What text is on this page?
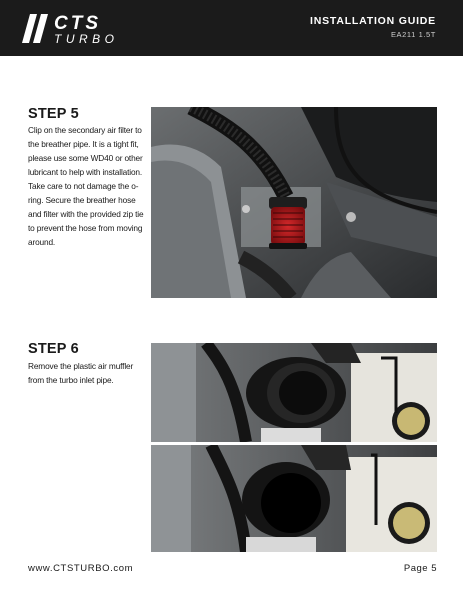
CTS
TURBO
INSTALLATION GUIDE
EA211 1.5T
STEP 5
Clip on the secondary air filter to the breather pipe. It is a tight fit, please use some WD40 or other lubricant to help with installation. Take care to not damage the o-ring. Secure the breather hose and filter with the provided zip tie to prevent the hose from moving around.
STEP 6
Remove the plastic air muffler from the turbo inlet pipe.
www.CTSTURBO.com	Page 5
